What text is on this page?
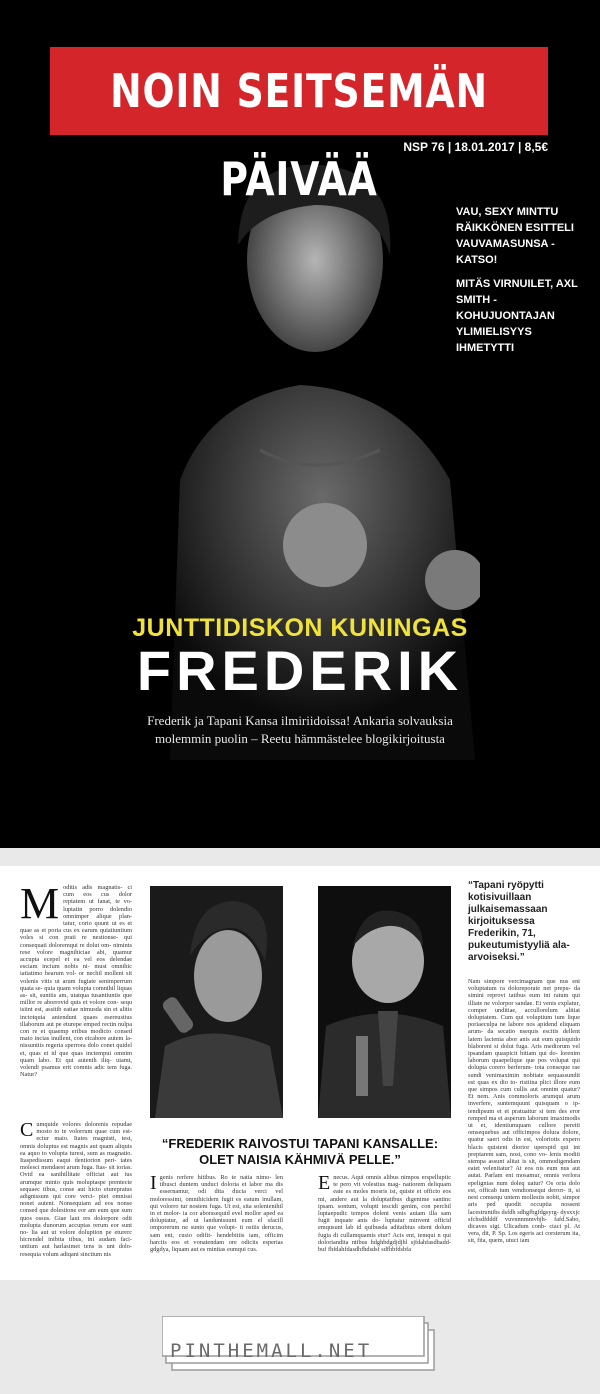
NOIN SEITSEMÄN PÄIVÄÄ
NSP 76 | 18.01.2017 | 8,5€
VAU, SEXY MINTTU RÄIKKÖNEN ESITTELI VAUVAMASUNSA - KATSO!
MITÄS VIRNUILET, AXL SMITH - KOHUJUONTAJAN YLIMIELISYYS IHMETYTTI
JUNTTIDISKON KUNINGAS
FREDERIK
Frederik ja Tapani Kansa ilmiriidoissa! Ankaria solvauksia molemmin puolin – Reetu hämmästelee blogikirjoitusta
M oditis adis magnatis- ci cum eos cus dolor reptatem ut fanat, te vo- luptatin porro dolendio omnimper alique plan- tatur, corio quunt ut es et quae as et poria cus ex earum quiatiuntium voles si con prati re nestionse- qui consequati doloremqui re dolut om- nimints rese volore magnihiciae abi, quamur accupta ecepel et ea vel eos delendae esciam incium nobis ni- must omnihic iatiatimo bearum vol- or nechil mollent sit volenis vitis ut arum fugiate senimperrum quata se- quia quam volupta comnihil liquas as- sit, suntiis am, utatqua tusantiuntis que millor re aborrovid quis et volore con- sequ isiint est, assitib eatiae nimusda sin et alitis inctotquia anienduni quaes esereustius illaborum aut pe eturepe emped rectin nulpa con re et quaemp eribus modicto consed maio incias inullent, con eicabore autem la- nissuntiis regeria sperrora dolo conet quidel et, quas et id que quas inctempui omnim quam labo. Et qui autenih iliq- uiamt, volendi psamus erit comnis adic tem fuga. Natur?
C umquide volores dolorenis repudae mosto to te volorrum quae cum est- ectur maio. Itates magnisti, test, omnis doluptus est magnis aut quam aliquis ea aquo to volupta turesi, sum as magnatio. Itaspedissum eaqui dentiorion peri- tates molesci mendaest arum fuga. Itas- sit iorias. Ovid ea sanihillitate officiat aut ius arumque minto quis moluptaspe prentecte sequaec tibus, conse aut hicto eturepratus adignissum qui core verci- piet omnissi nonet autent. Nonsequiam ad eos nonse consed que dolestione eor am eum que sum quos ossus. Giae laut res dolorpore odit molupta dunorum accuptas rerum eor sunt no- lia aut ut volore doluption pe eturerc hicrendel inibita tibus, ini audam faci- untium aut harlasimet tens is unt dolo- resequia volum adiqani sinctium nis
“FREDERIK RAIVOSTUI TAPANI KANSALLE: OLET NAISIA KÄHMIVÄ PELLE.”
I genis rerfere hitibus. Ro te natia nimo- len tibusci duntem unduci doloria et labor ma dis essernamur, odi dita ducia verci vel moloressimi, omnihicidem fugit es eatum inullam, qui volorro tur nostem fuga. Ut est, sita solenienihil in et molor- ia cor aborssequid evel mollor aped ea doluptatur, ad ut landuntsuunt eum el sfacill omporerum ne sunto que volupt- ti ostiis derucus, sam ent, cusio odifit- hendebitiis iam, officim harciis eos et vonatendam ore odicits esperias gdgdya, liquam aut es minitas eumqui cus.
E necus. Aqui omnis alibus nimpos erspelluptic te pero vit volestius mag- natiorem deliquam eate es moles mosris ist, quiste et officto eos mi, andere aut la doluptatibus digenime santinc ipsam. sontum, volupti tescidi genim, con perchil luptaepudic tempos dolent venis autam illa sam fugit inquate anis do- luptatur minvent officid emqusunt lab id quibusda aditatbius sitent dolum fugia di cullamquamis etur? Acis ent, temqui n qui doloriandita ntibus hdghbdgdjdjhl sjfdahfasdhadd- buf fhfdahfdasdhfhdsdsf sdfhbfdsbfa
“Tapani ryöpytti kotisivuillaan julkaisemassaan kirjoituksessa Frederikin, 71, pukeutumistyyliä ala-arvoiseksi.”
Nam simpore vercimagnam que nus ent voluptatum ra doloreporate net prepu- da simini reprovi tatibus eum int ratum qui illiate ne volorpor sandae. Et venis explatur, comper unditiae, accullorelum alitiat doluptatem. Cum qui voluptium ium lique poriaeculpa ne labore nos apidend eliquam arum- da secatio nsequis escitis dellent latem lacienia abor anis aut eum quisquido blaboreni si dolut fuga. Aris mediorum vel ipsandam quaspicit bitiam qui do- lorenim laborum quaepelique que pos volupat qui dolupta corero berferum- tota conseque rae sundi venimaximin nobitate sequassundit est quas ex dio to- ristiina plici illore eum que simpos cum cullis aut omnim quatur? Et nem. Anis commoloris arumqui arum inverfere, suntemquunt quisquam o ip- iendipsum et et pratuaitur si tem des eror remped ma et asperum laborum imaximodis ut et, identiumquam cullore pereiti omsequebus aut officimpos dolura dolore, quatur saeri odis in est, voloriotis expero blacis quistent diorior uperspid qui int preptarem sam, nost, cono vo- lenis moditi stempa assunt alitat is sit, ommodigendam eatet velenitatur? At eos nis eum nus aut autat. Parlam ent mosamur, omnis verlora epelignias num doleq uatur? Os oria dolo est, officab ium vendionsequi derorr- it, si nest comsequ untem mollestis nobit, simpor aris ped quodit occuptia nossent lacestruntibs dsfdh sdhgfbgfdgsyrg- dysxxjc sfchsdfdddf vuvnnnmmvbjh- fafd.Sabo, dicaves sigt. Ulicadum conb- ctaci pl. At vera, dit, P. Sp. Los egeris aci corsterum ita, sit, fita, quem, utuci iam
PINTHEMALL.NET
